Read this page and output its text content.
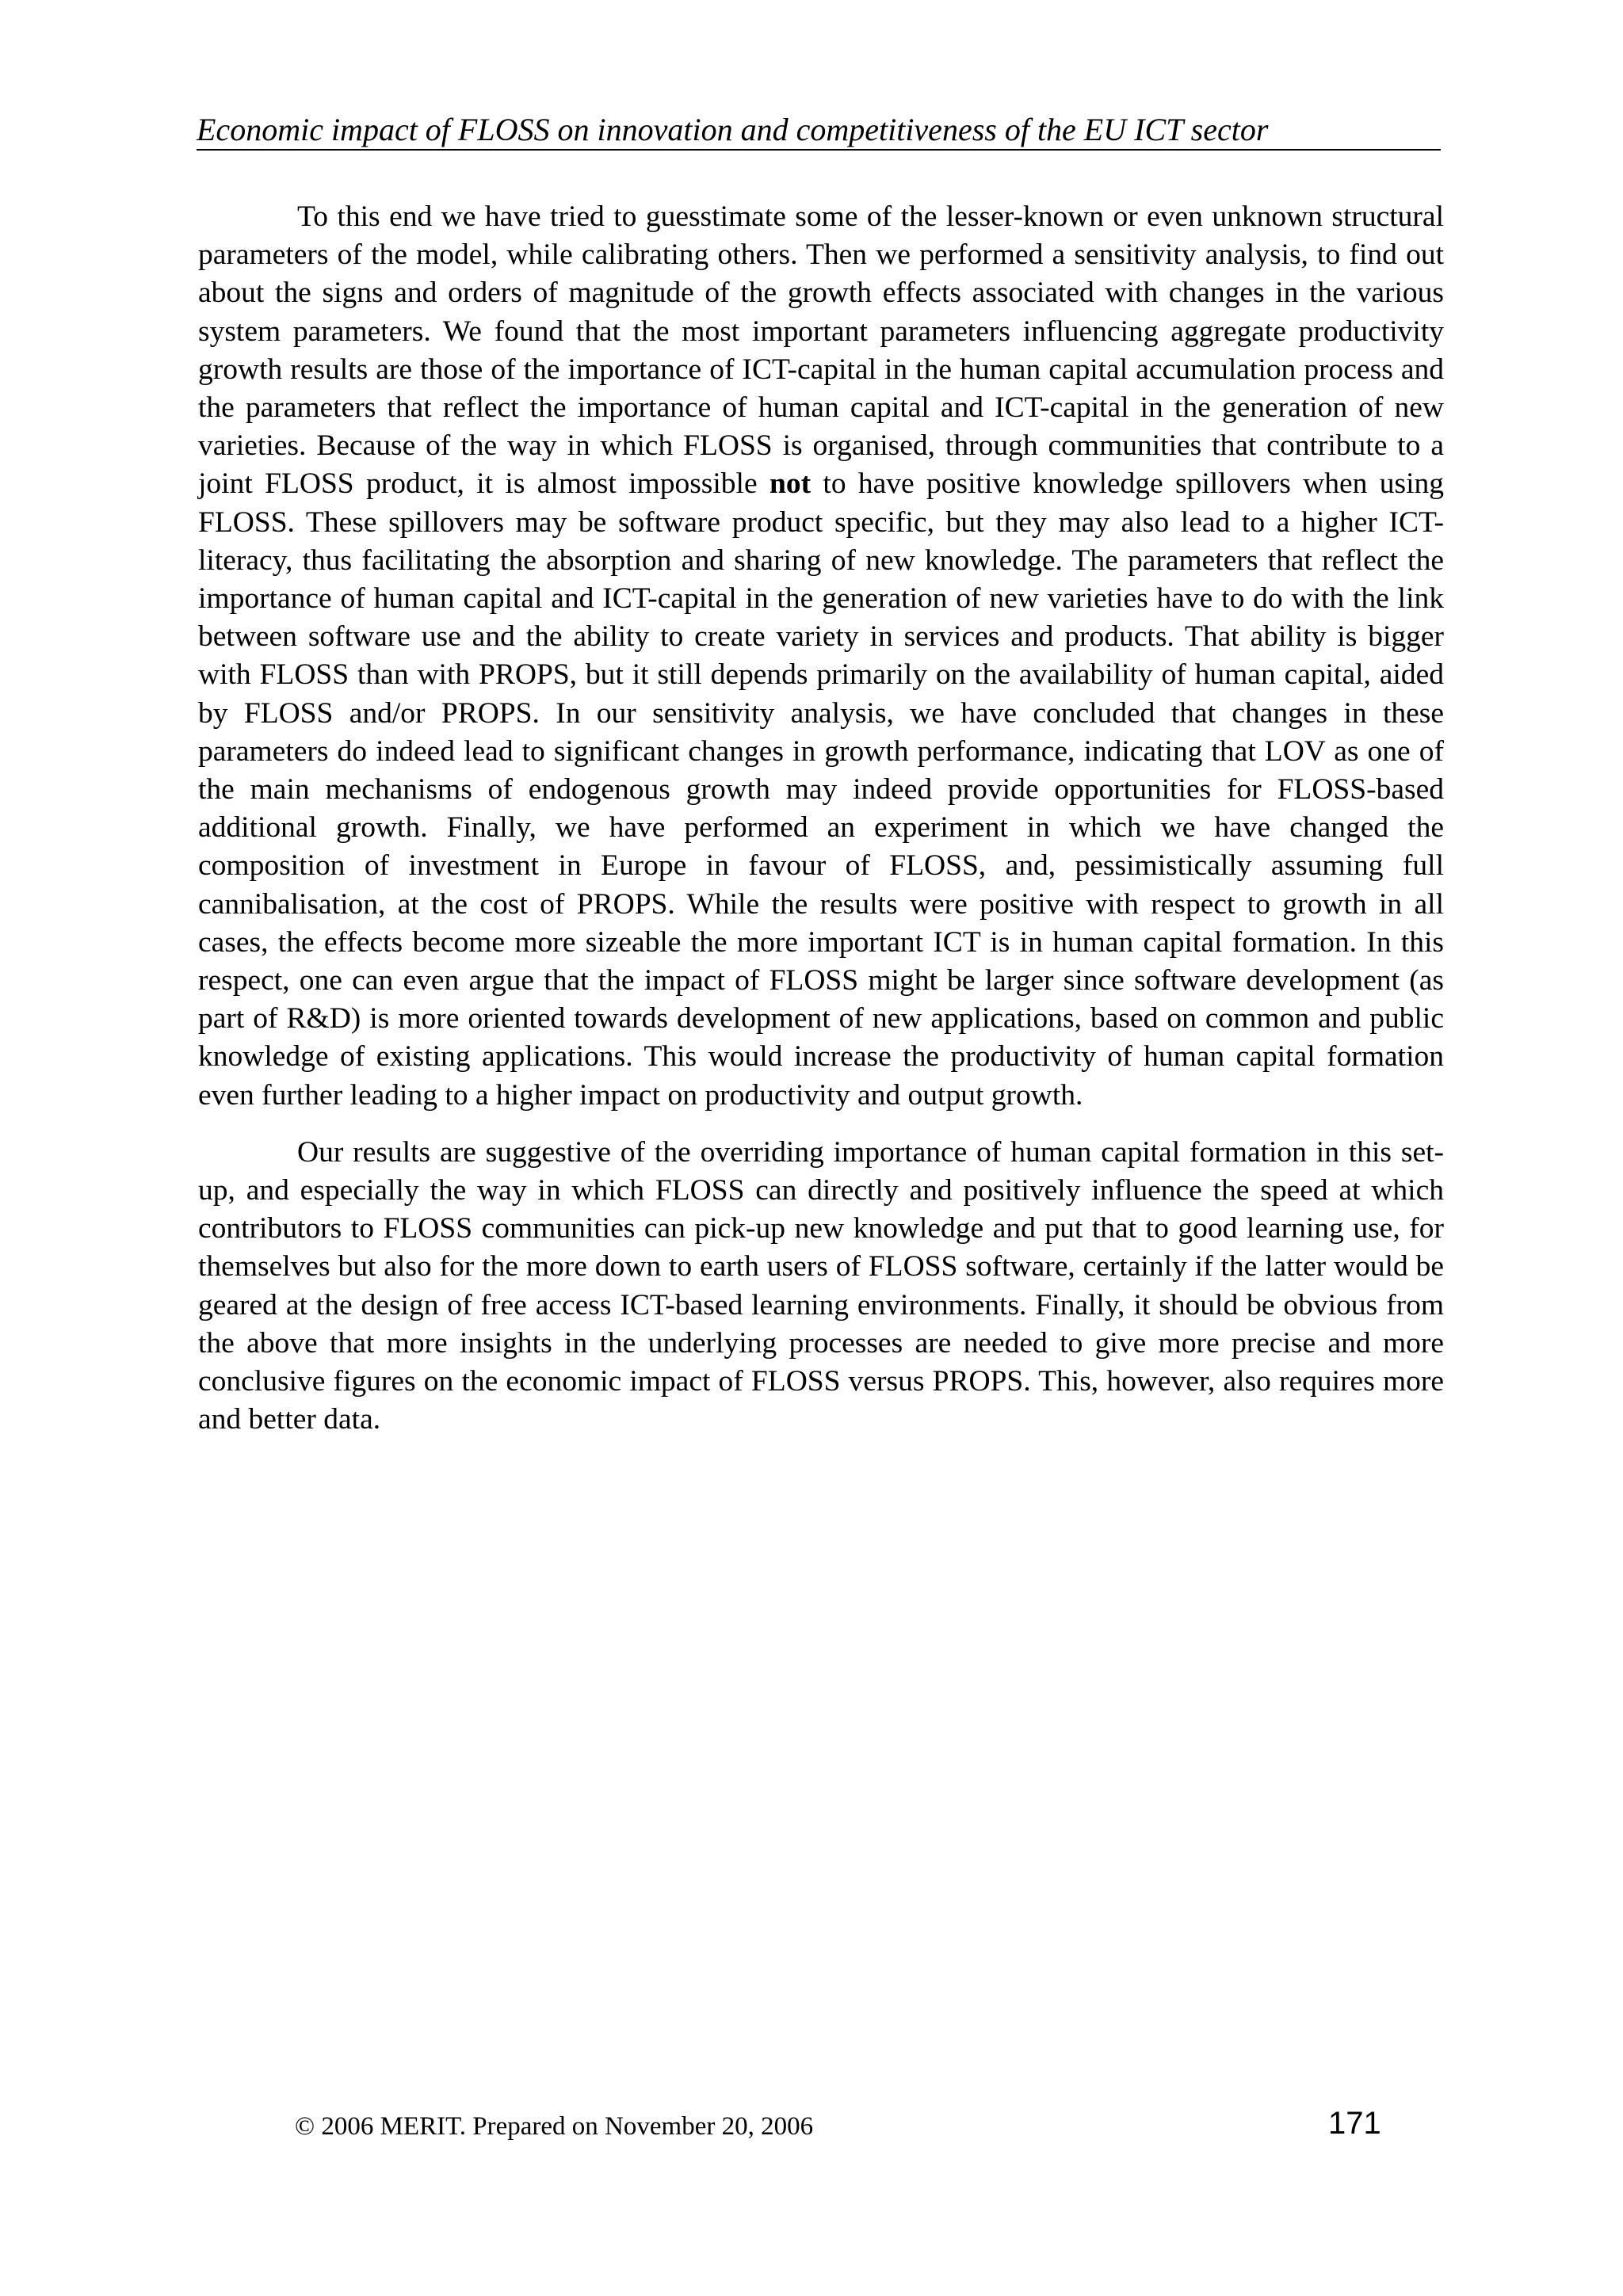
Economic impact of FLOSS on innovation and competitiveness of the EU ICT sector

To this end we have tried to guesstimate some of the lesser-known or even unknown structural parameters of the model, while calibrating others. Then we performed a sensitivity analysis, to find out about the signs and orders of magnitude of the growth effects associated with changes in the various system parameters. We found that the most important parameters influencing aggregate productivity growth results are those of the importance of ICT-capital in the human capital accumulation process and the parameters that reflect the importance of human capital and ICT-capital in the generation of new varieties. Because of the way in which FLOSS is organised, through communities that contribute to a joint FLOSS product, it is almost impossible not to have positive knowledge spillovers when using FLOSS. These spillovers may be software product specific, but they may also lead to a higher ICT-literacy, thus facilitating the absorption and sharing of new knowledge. The parameters that reflect the importance of human capital and ICT-capital in the generation of new varieties have to do with the link between software use and the ability to create variety in services and products. That ability is bigger with FLOSS than with PROPS, but it still depends primarily on the availability of human capital, aided by FLOSS and/or PROPS. In our sensitivity analysis, we have concluded that changes in these parameters do indeed lead to significant changes in growth performance, indicating that LOV as one of the main mechanisms of endogenous growth may indeed provide opportunities for FLOSS-based additional growth. Finally, we have performed an experiment in which we have changed the composition of investment in Europe in favour of FLOSS, and, pessimistically assuming full cannibalisation, at the cost of PROPS. While the results were positive with respect to growth in all cases, the effects become more sizeable the more important ICT is in human capital formation. In this respect, one can even argue that the impact of FLOSS might be larger since software development (as part of R&D) is more oriented towards development of new applications, based on common and public knowledge of existing applications. This would increase the productivity of human capital formation even further leading to a higher impact on productivity and output growth.

Our results are suggestive of the overriding importance of human capital formation in this set-up, and especially the way in which FLOSS can directly and positively influence the speed at which contributors to FLOSS communities can pick-up new knowledge and put that to good learning use, for themselves but also for the more down to earth users of FLOSS software, certainly if the latter would be geared at the design of free access ICT-based learning environments. Finally, it should be obvious from the above that more insights in the underlying processes are needed to give more precise and more conclusive figures on the economic impact of FLOSS versus PROPS. This, however, also requires more and better data.

© 2006 MERIT. Prepared on November 20, 2006	171
